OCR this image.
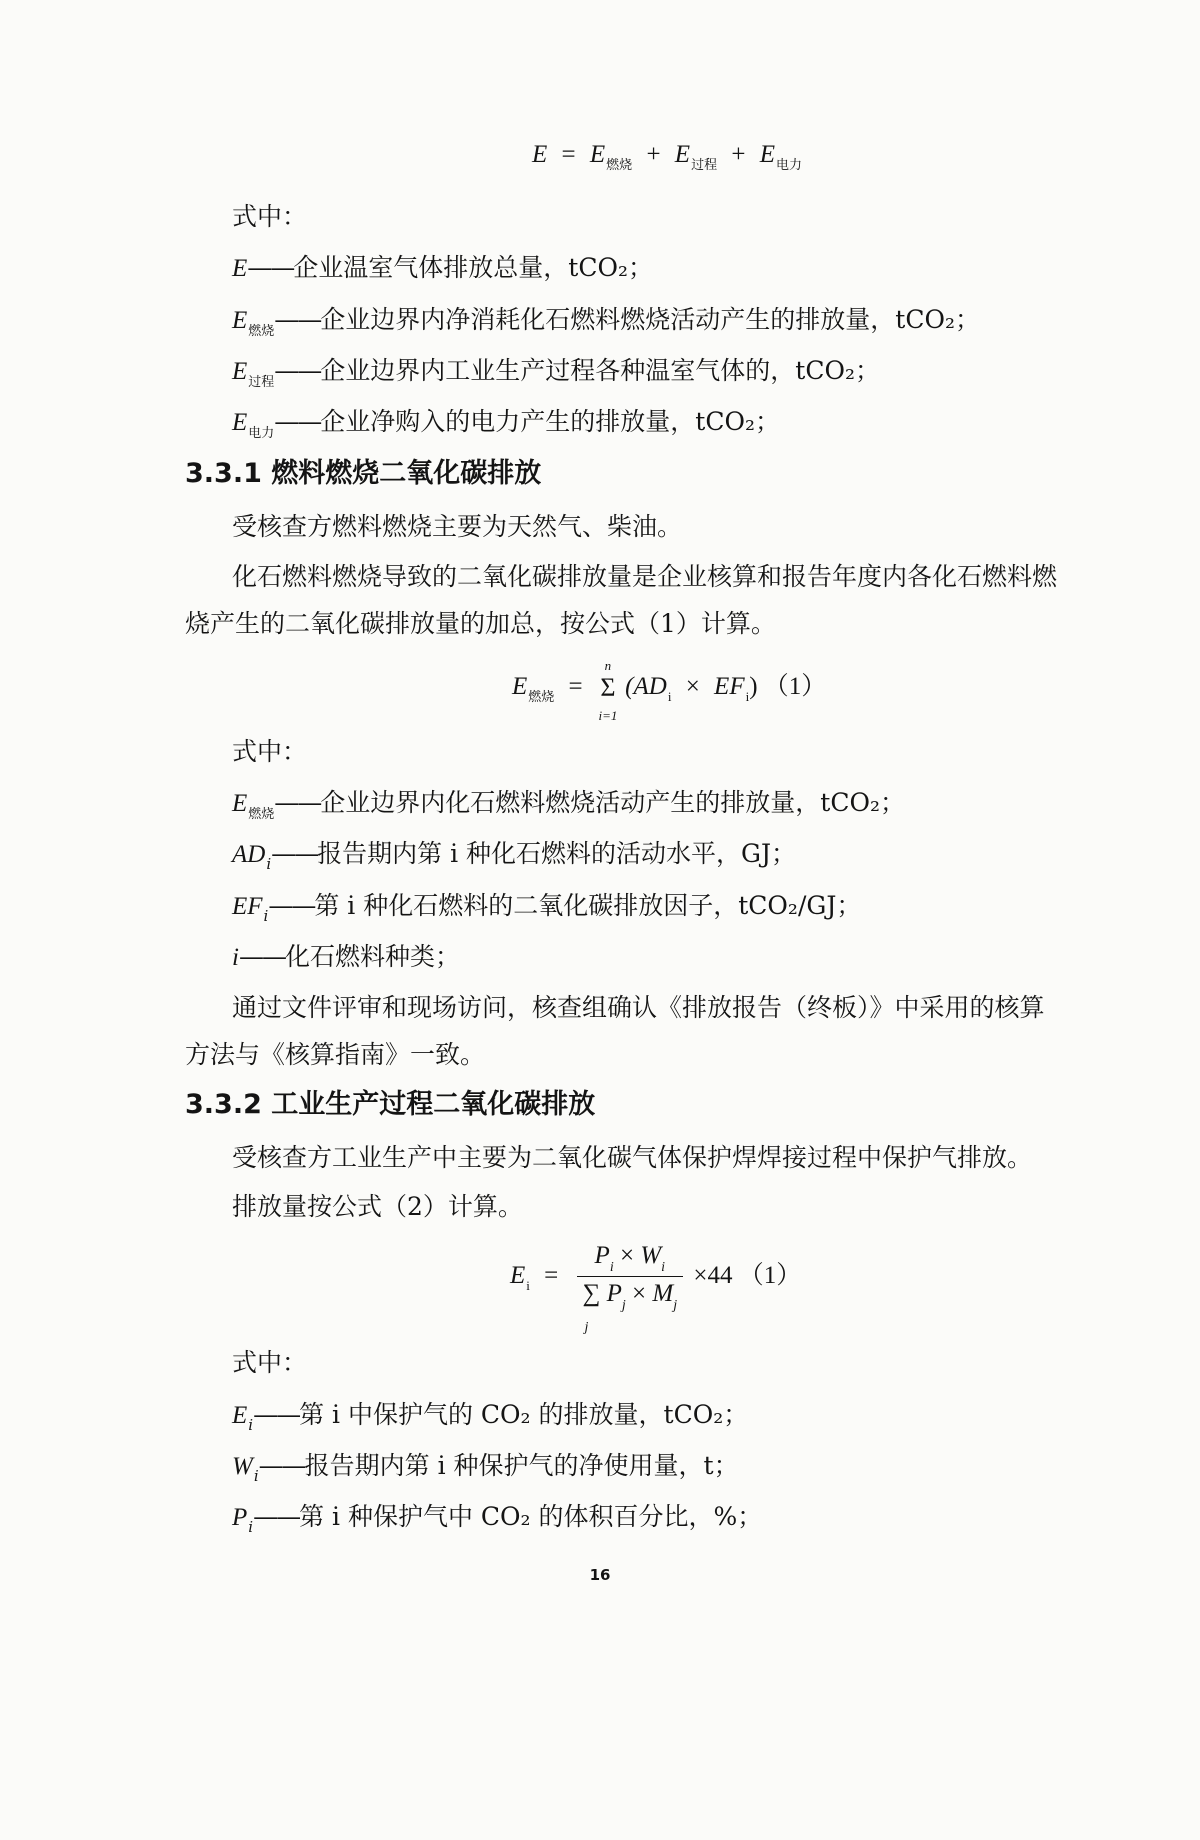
$E = E_{燃烧} + E_{过程} + E_{电力}$
式中：
E——企业温室气体排放总量，tCO₂；
$E_{燃烧}——$企业边界内净消耗化石燃料燃烧活动产生的排放量，tCO₂；
$E_{过程}——$企业边界内工业生产过程各种温室气体的，tCO₂；
$E_{电力}——$企业净购入的电力产生的排放量，tCO₂；
3.3.1 燃料燃烧二氧化碳排放
受核查方燃料燃烧主要为天然气、柴油。
化石燃料燃烧导致的二氧化碳排放量是企业核算和报告年度内各化石燃料燃
烧产生的二氧化碳排放量的加总，按公式（1）计算。
$E_{燃烧}$ =
n
Σ
i=1
$(AD_i \times EF_i)$ （1）
式中：
$E_{燃烧}——$企业边界内化石燃料燃烧活动产生的排放量，tCO₂；
$AD_i——$报告期内第 i 种化石燃料的活动水平，GJ；
$EF_i——$第 i 种化石燃料的二氧化碳排放因子，tCO₂/GJ；
i——化石燃料种类；
通过文件评审和现场访问，核查组确认《排放报告（终板）》中采用的核算
方法与《核算指南》一致。
3.3.2 工业生产过程二氧化碳排放
受核查方工业生产中主要为二氧化碳气体保护焊焊接过程中保护气排放。
排放量按公式（2）计算。
$E_i = P_i \times W_i$
∑
j
$P_j \times M_j \times 44$ （1）
式中：
$E_i——$第 i 中保护气的 CO₂ 的排放量，tCO₂；
$W_i——$报告期内第 i 种保护气的净使用量，t；
$P_i——$第 i 种保护气中 CO₂ 的体积百分比，%；
16
